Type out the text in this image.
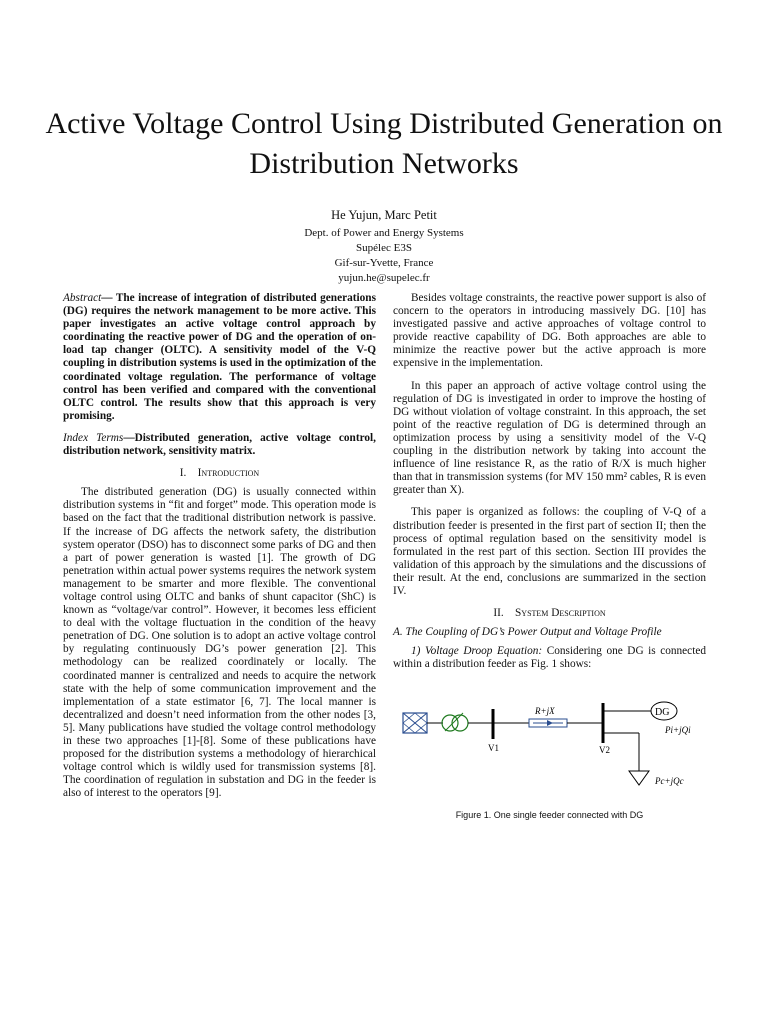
Active Voltage Control Using Distributed Generation on Distribution Networks
He Yujun, Marc Petit
Dept. of Power and Energy Systems
Supélec E3S
Gif-sur-Yvette, France
yujun.he@supelec.fr

Abstract— The increase of integration of distributed generations (DG) requires the network management to be more active. This paper investigates an active voltage control approach by coordinating the reactive power of DG and the operation of on-load tap changer (OLTC). A sensitivity model of the V-Q coupling in distribution systems is used in the optimization of the coordinated voltage regulation. The performance of voltage control has been verified and compared with the conventional OLTC control. The results show that this approach is very promising.

Index Terms—Distributed generation, active voltage control, distribution network, sensitivity matrix.

I. Introduction

The distributed generation (DG) is usually connected within distribution systems in “fit and forget” mode. This operation mode is based on the fact that the traditional distribution network is passive. If the increase of DG affects the network safety, the distribution system operator (DSO) has to disconnect some parks of DG and then a part of power generation is wasted [1]. The growth of DG penetration within actual power systems requires the network system management to be smarter and more flexible. The conventional voltage control using OLTC and banks of shunt capacitor (ShC) is known as “voltage/var control”. However, it becomes less efficient to deal with the voltage fluctuation in the condition of the heavy penetration of DG. One solution is to adopt an active voltage control by regulating continuously DG’s power generation [2]. This methodology can be realized coordinately or locally. The coordinated manner is centralized and needs to acquire the network state with the help of some communication improvement and the implementation of a state estimator [6, 7]. The local manner is decentralized and doesn’t need information from the other nodes [3, 5]. Many publications have studied the voltage control methodology in these two approaches [1]-[8]. Some of these publications have proposed for the distribution systems a methodology of hierarchical voltage control which is wildly used for transmission systems [8]. The coordination of regulation in substation and DG in the feeder is also of interest to the operators [9].

Besides voltage constraints, the reactive power support is also of concern to the operators in introducing massively DG. [10] has investigated passive and active approaches of voltage control to provide reactive capability of DG. Both approaches are able to minimize the reactive power but the active approach is more expensive in the implementation.

In this paper an approach of active voltage control using the regulation of DG is investigated in order to improve the hosting of DG without violation of voltage constraint. In this approach, the set point of the reactive regulation of DG is determined through an optimization process by using a sensitivity model of the V-Q coupling in the distribution network by taking into account the influence of line resistance R, as the ratio of R/X is much higher than that in transmission systems (for MV 150 mm² cables, R is even greater than X).

This paper is organized as follows: the coupling of V-Q of a distribution feeder is presented in the first part of section II; then the process of optimal regulation based on the sensitivity model is formulated in the rest part of this section. Section III provides the validation of this approach by the simulations and the discussions of their result. At the end, conclusions are summarized in the section IV.

II. System Description
A. The Coupling of DG’s Power Output and Voltage Profile

1) Voltage Droop Equation: Considering one DG is connected within a distribution feeder as Fig. 1 shows:

V1
R+jX
V2
DG
Pi+jQi
Pc+jQc
Figure 1. One single feeder connected with DG
